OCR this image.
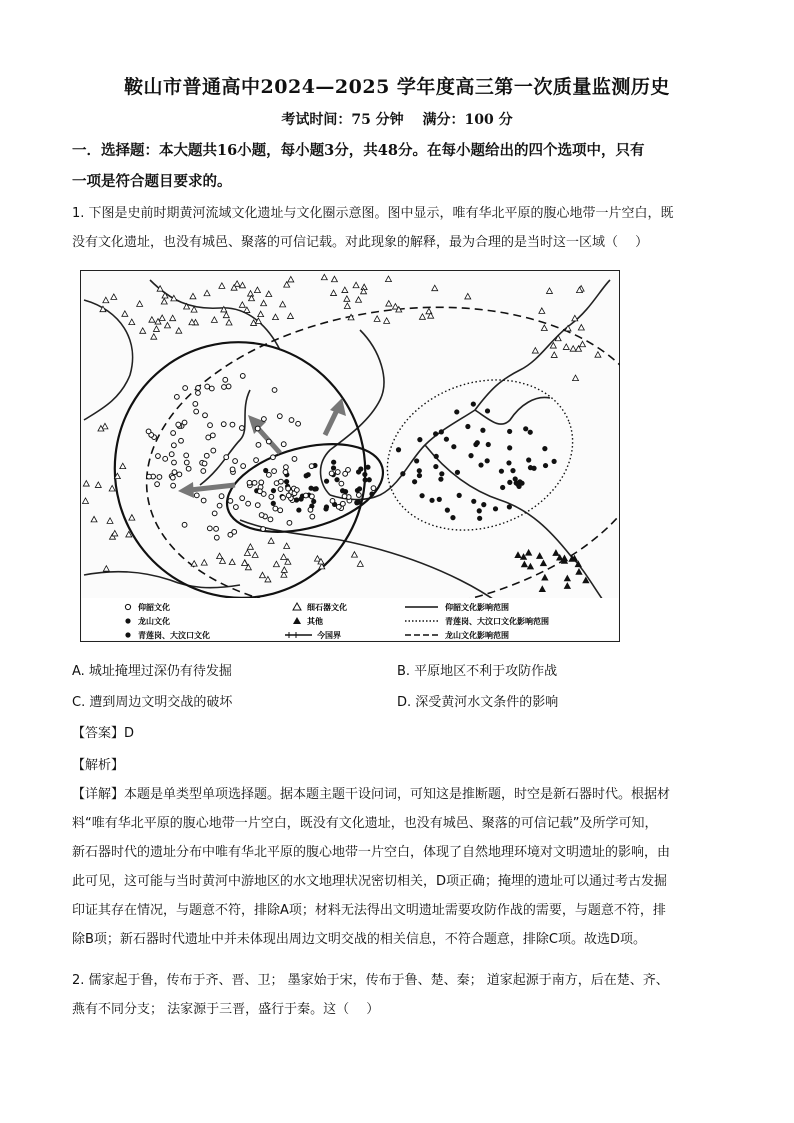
鞍山市普通高中2024—2025 学年度高三第一次质量监测历史
考试时间：75 分钟　 满分：100 分
一．选择题：本大题共16小题，每小题3分，共48分。在每小题给出的四个选项中，只有
一项是符合题目要求的。
1. 下图是史前时期黄河流域文化遗址与文化圈示意图。图中显示，唯有华北平原的腹心地带一片空白，既
没有文化遗址，也没有城邑、聚落的可信记载。对此现象的解释，最为合理的是当时这一区域（　 ）
仰韶文化	细石器文化	仰韶文化影响范围
龙山文化	其他	青莲岗、大汶口文化影响范围
青莲岗、大汶口文化	今国界	龙山文化影响范围
A. 城址掩埋过深仍有待发掘	B. 平原地区不利于攻防作战
C. 遭到周边文明交战的破坏	D. 深受黄河水文条件的影响
【答案】D
【解析】
【详解】本题是单类型单项选择题。据本题主题干设问词，可知这是推断题，时空是新石器时代。根据材
料“唯有华北平原的腹心地带一片空白，既没有文化遗址，也没有城邑、聚落的可信记载”及所学可知，
新石器时代的遗址分布中唯有华北平原的腹心地带一片空白，体现了自然地理环境对文明遗址的影响，由
此可见，这可能与当时黄河中游地区的水文地理状况密切相关，D项正确；掩埋的遗址可以通过考古发掘
印证其存在情况，与题意不符，排除A项；材料无法得出文明遗址需要攻防作战的需要，与题意不符，排
除B项；新石器时代遗址中并未体现出周边文明交战的相关信息，不符合题意，排除C项。故选D项。
2. 儒家起于鲁，传布于齐、晋、卫； 墨家始于宋，传布于鲁、楚、秦； 道家起源于南方，后在楚、齐、
燕有不同分支； 法家源于三晋，盛行于秦。这（　 ）
